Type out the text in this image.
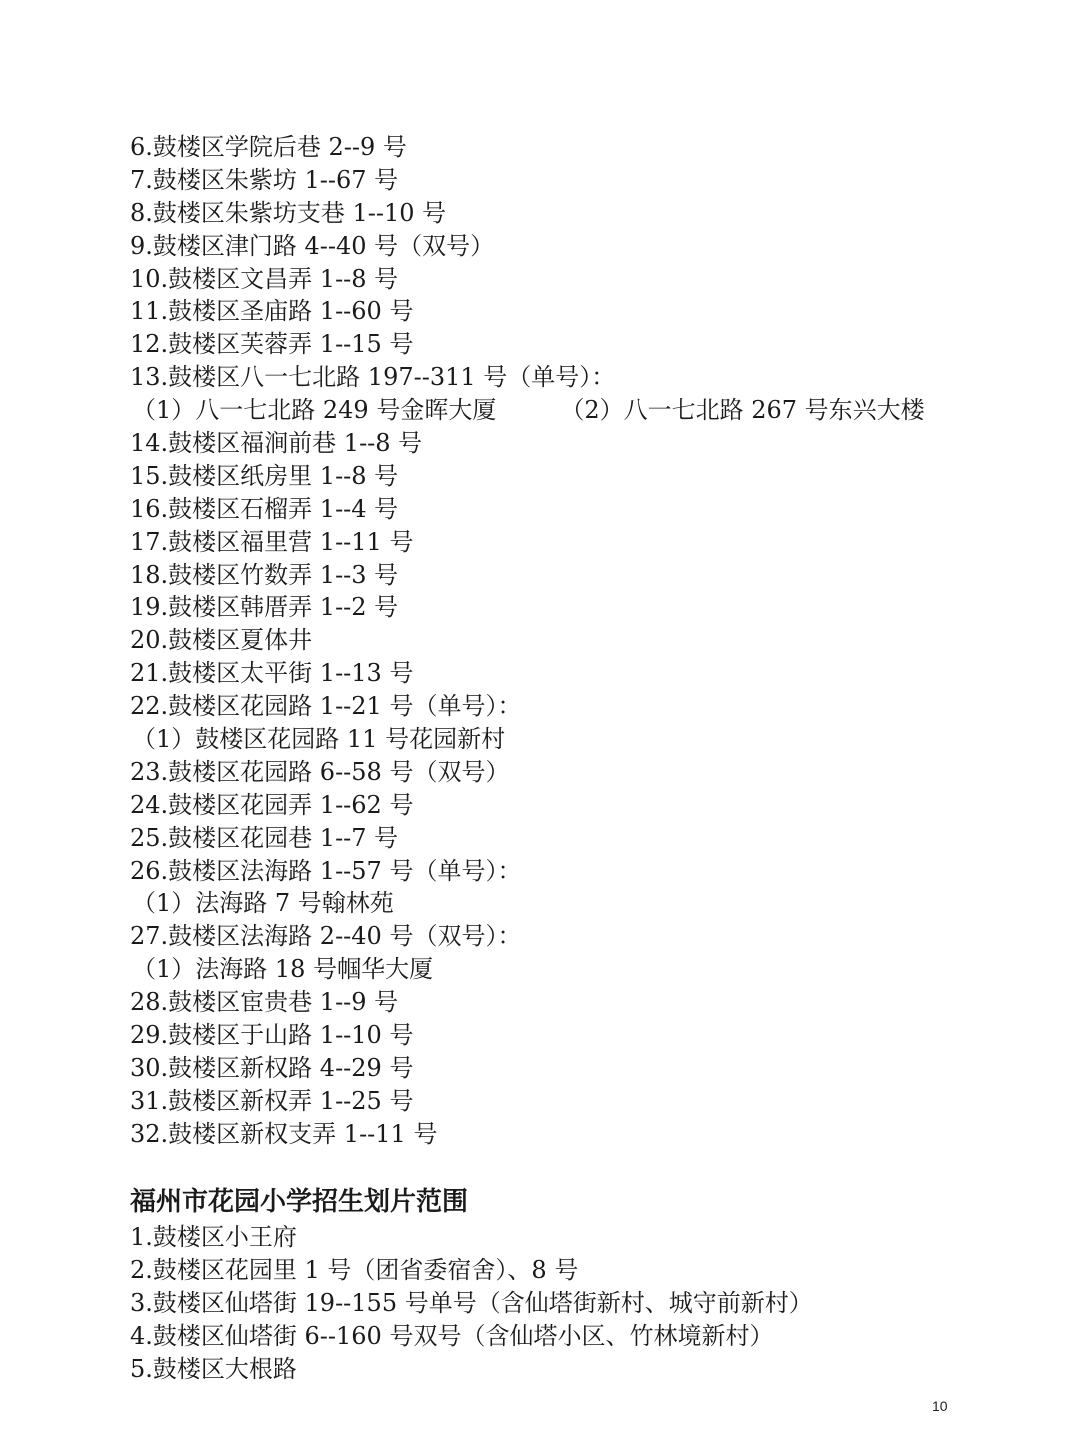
6.鼓楼区学院后巷 2--9 号
7.鼓楼区朱紫坊 1--67 号
8.鼓楼区朱紫坊支巷 1--10 号
9.鼓楼区津门路 4--40 号（双号）
10.鼓楼区文昌弄 1--8 号
11.鼓楼区圣庙路 1--60 号
12.鼓楼区芙蓉弄 1--15 号
13.鼓楼区八一七北路 197--311 号（单号）：
（1）八一七北路 249 号金晖大厦	（2）八一七北路 267 号东兴大楼
14.鼓楼区福涧前巷 1--8 号
15.鼓楼区纸房里 1--8 号
16.鼓楼区石榴弄 1--4 号
17.鼓楼区福里营 1--11 号
18.鼓楼区竹数弄 1--3 号
19.鼓楼区韩厝弄 1--2 号
20.鼓楼区夏体井
21.鼓楼区太平街 1--13 号
22.鼓楼区花园路 1--21 号（单号）：
（1）鼓楼区花园路 11 号花园新村
23.鼓楼区花园路 6--58 号（双号）
24.鼓楼区花园弄 1--62 号
25.鼓楼区花园巷 1--7 号
26.鼓楼区法海路 1--57 号（单号）：
（1）法海路 7 号翰林苑
27.鼓楼区法海路 2--40 号（双号）：
（1）法海路 18 号帼华大厦
28.鼓楼区宦贵巷 1--9 号
29.鼓楼区于山路 1--10 号
30.鼓楼区新权路 4--29 号
31.鼓楼区新权弄 1--25 号
32.鼓楼区新权支弄 1--11 号
福州市花园小学招生划片范围
1.鼓楼区小王府
2.鼓楼区花园里 1 号（团省委宿舍）、8 号
3.鼓楼区仙塔街 19--155 号单号（含仙塔街新村、城守前新村）
4.鼓楼区仙塔街 6--160 号双号（含仙塔小区、竹林境新村）
5.鼓楼区大根路
10
